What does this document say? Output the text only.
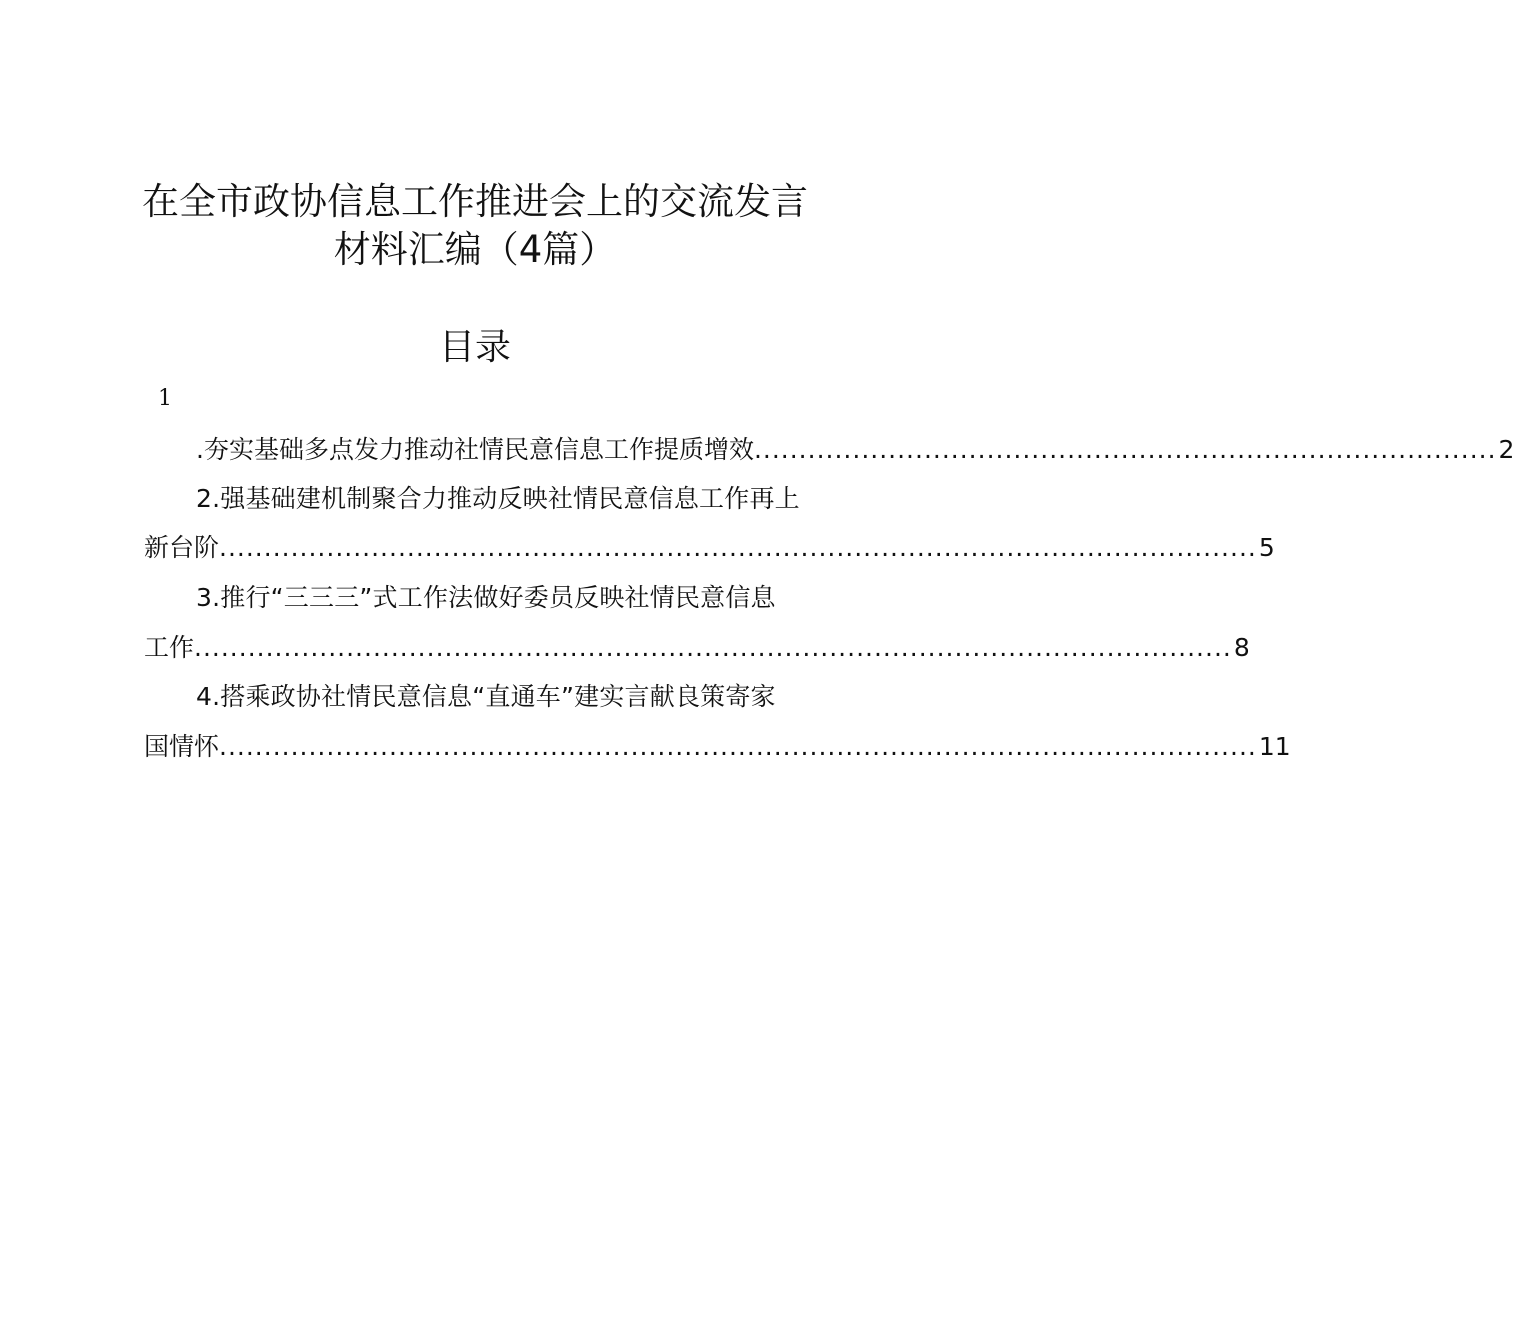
在全市政协信息工作推进会上的交流发言
材料汇编（4篇）
目录
1
.夯实基础多点发力推动社情民意信息工作提质增效 ................................................................................... 2
2.强基础建机制聚合力推动反映社情民意信息工作再上
新台阶 .................................................................................................................... 5
3.推行“三三三”式工作法做好委员反映社情民意信息
工作 .................................................................................................................... 8
4.搭乘政协社情民意信息“直通车”建实言献良策寄家
国情怀 .................................................................................................................... 11
